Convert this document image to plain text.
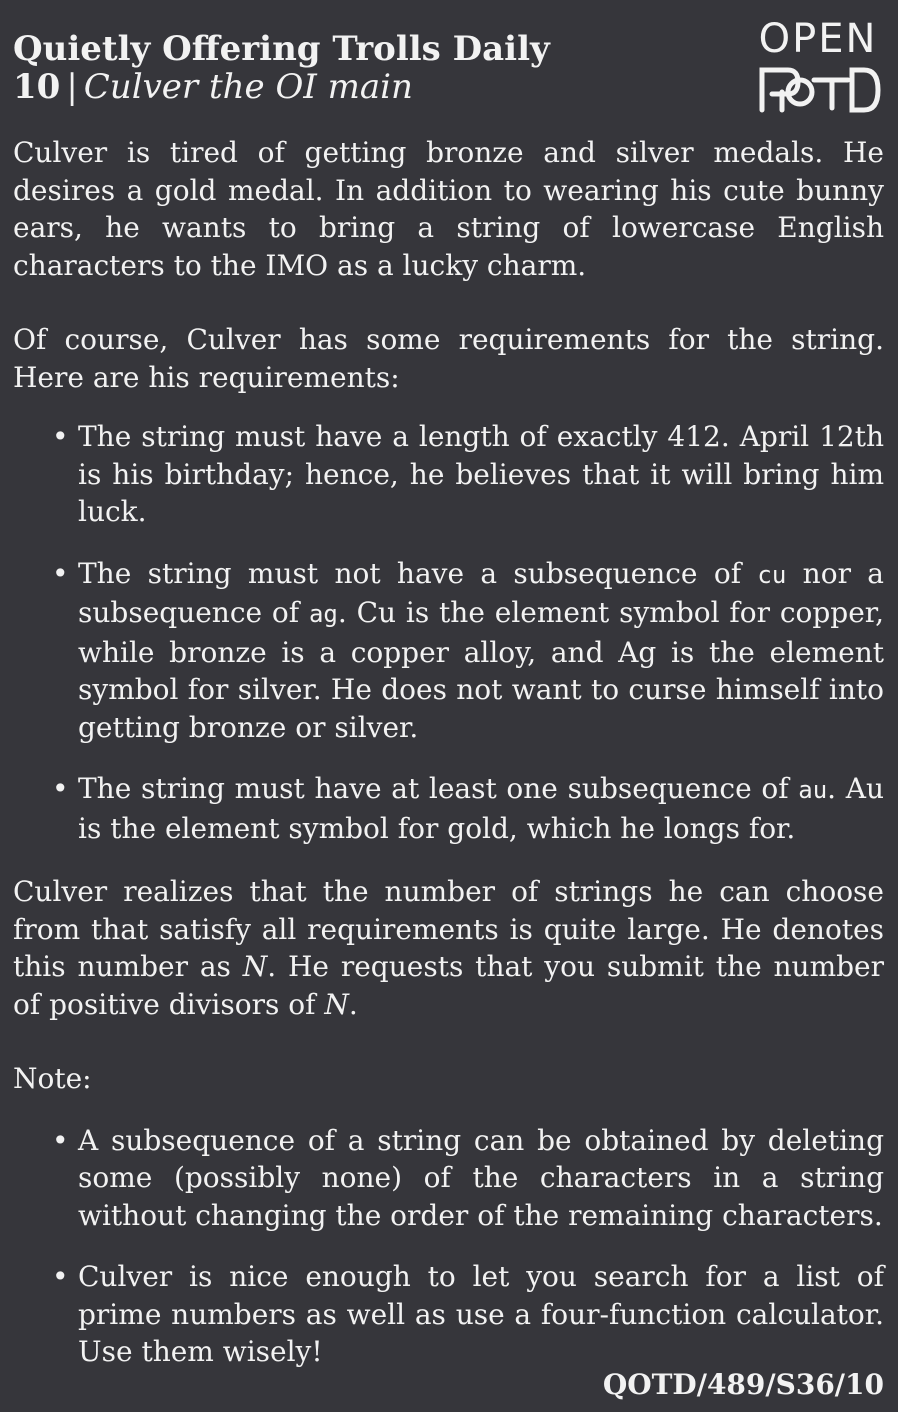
Quietly Offering Trolls Daily

10 | Culver the OI main

OPEN

Culver is tired of getting bronze and silver medals. He desires a gold medal. In addition to wearing his cute bunny ears, he wants to bring a string of lowercase English characters to the IMO as a lucky charm.

Of course, Culver has some requirements for the string. Here are his requirements:

• The string must have a length of exactly 412. April 12th is his birthday; hence, he believes that it will bring him luck.
• The string must not have a subsequence of cu nor a subsequence of ag. Cu is the element symbol for copper, while bronze is a copper alloy, and Ag is the element symbol for silver. He does not want to curse himself into getting bronze or silver.
• The string must have at least one subsequence of au. Au is the element symbol for gold, which he longs for.

Culver realizes that the number of strings he can choose from that satisfy all requirements is quite large. He denotes this number as N. He requests that you submit the number of positive divisors of N.

Note:

• A subsequence of a string can be obtained by deleting some (possibly none) of the characters in a string without changing the order of the remaining characters.
• Culver is nice enough to let you search for a list of prime numbers as well as use a four-function calculator. Use them wisely!
QOTD/489/S36/10
